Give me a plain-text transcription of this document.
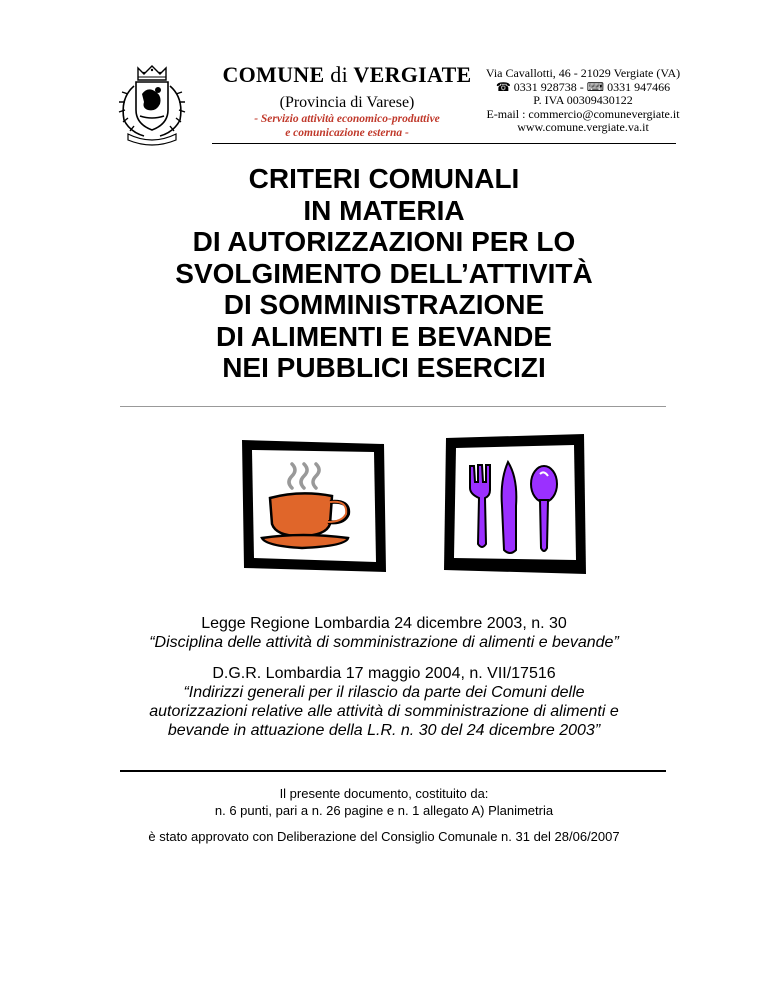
COMUNE di VERGIATE
(Provincia di Varese)
- Servizio attività economico-produttive
e comunicazione esterna -
Via Cavallotti, 46 - 21029 Vergiate (VA)
☎ 0331 928738 - ⌨ 0331 947466
P. IVA 00309430122
E-mail : commercio@comunevergiate.it
www.comune.vergiate.va.it
CRITERI COMUNALI
IN MATERIA
DI AUTORIZZAZIONI PER LO
SVOLGIMENTO DELL’ATTIVITÀ
DI SOMMINISTRAZIONE
DI ALIMENTI E BEVANDE
NEI PUBBLICI ESERCIZI
Legge Regione Lombardia 24 dicembre 2003, n. 30
“Disciplina delle attività di somministrazione di alimenti e bevande”
D.G.R. Lombardia 17 maggio 2004, n. VII/17516
“Indirizzi generali per il rilascio da parte dei Comuni delle
autorizzazioni relative alle attività di somministrazione di alimenti e
bevande in attuazione della L.R. n. 30 del 24 dicembre 2003”
Il presente documento, costituito da:
n. 6 punti, pari a n. 26 pagine e n. 1 allegato A) Planimetria
è stato approvato con Deliberazione del Consiglio Comunale n. 31 del 28/06/2007
